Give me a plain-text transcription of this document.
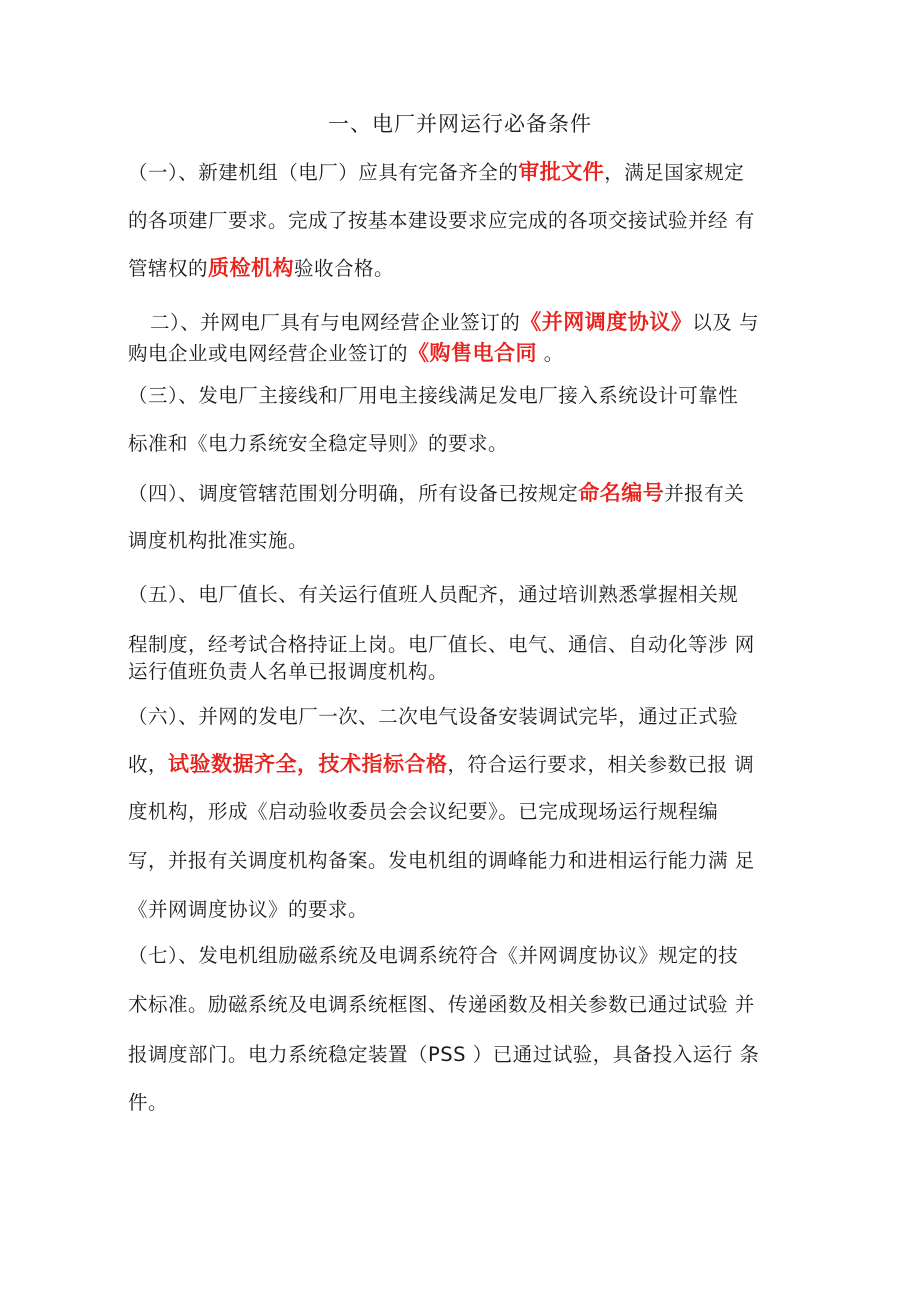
一、电厂并网运行必备条件
（一）、新建机组（电厂）应具有完备齐全的审批文件，满足国家规定
的各项建厂要求。完成了按基本建设要求应完成的各项交接试验并经 有
管辖权的质检机构验收合格。
二）、并网电厂具有与电网经营企业签订的《并网调度协议》以及 与
购电企业或电网经营企业签订的《购售电合同 。
（三）、发电厂主接线和厂用电主接线满足发电厂接入系统设计可靠性
标准和《电力系统安全稳定导则》的要求。
（四）、调度管辖范围划分明确，所有设备已按规定命名编号并报有关
调度机构批准实施。
（五）、电厂值长、有关运行值班人员配齐，通过培训熟悉掌握相关规
程制度，经考试合格持证上岗。电厂值长、电气、通信、自动化等涉 网
运行值班负责人名单已报调度机构。
（六）、并网的发电厂一次、二次电气设备安装调试完毕，通过正式验
收，试验数据齐全，技术指标合格，符合运行要求，相关参数已报 调
度机构，形成《启动验收委员会会议纪要》。已完成现场运行规程编
写，并报有关调度机构备案。发电机组的调峰能力和进相运行能力满 足
《并网调度协议》的要求。
（七）、发电机组励磁系统及电调系统符合《并网调度协议》规定的技
术标准。励磁系统及电调系统框图、传递函数及相关参数已通过试验 并
报调度部门。电力系统稳定装置（PSS ）已通过试验，具备投入运行 条
件。
